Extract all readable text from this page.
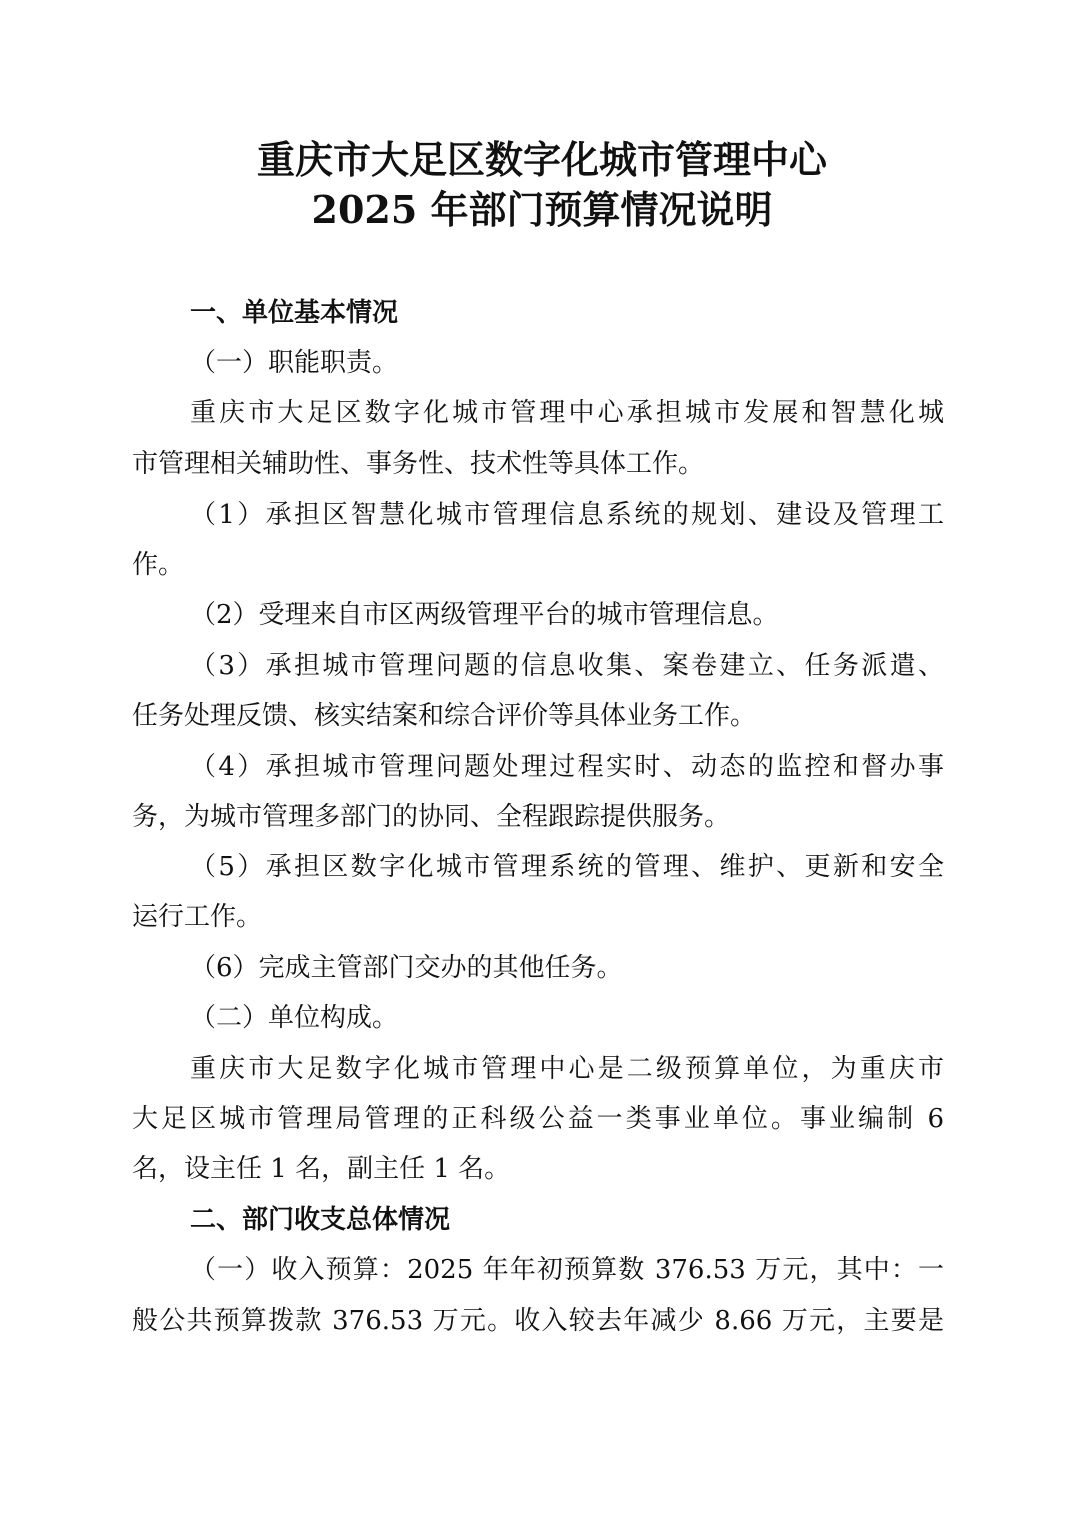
重庆市大足区数字化城市管理中心
2025 年部门预算情况说明
一、单位基本情况
（一）职能职责。
重庆市大足区数字化城市管理中心承担城市发展和智慧化城
市管理相关辅助性、事务性、技术性等具体工作。
（1）承担区智慧化城市管理信息系统的规划、建设及管理工
作。
（2）受理来自市区两级管理平台的城市管理信息。
（3）承担城市管理问题的信息收集、案卷建立、任务派遣、
任务处理反馈、核实结案和综合评价等具体业务工作。
（4）承担城市管理问题处理过程实时、动态的监控和督办事
务，为城市管理多部门的协同、全程跟踪提供服务。
（5）承担区数字化城市管理系统的管理、维护、更新和安全
运行工作。
（6）完成主管部门交办的其他任务。
（二）单位构成。
重庆市大足数字化城市管理中心是二级预算单位，为重庆市
大足区城市管理局管理的正科级公益一类事业单位。事业编制 6
名，设主任 1 名，副主任 1 名。
二、部门收支总体情况
（一）收入预算：2025 年年初预算数 376.53 万元，其中：一
般公共预算拨款 376.53 万元。收入较去年减少 8.66 万元，主要是
